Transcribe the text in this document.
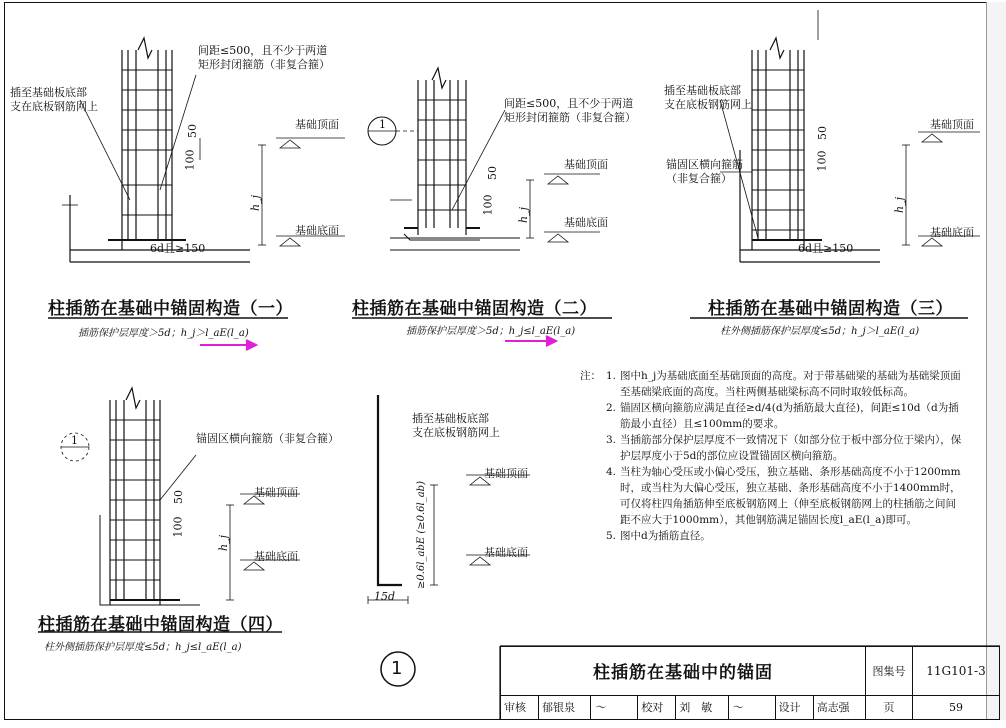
插至基础板底部
支在底板钢筋网上
间距≤500，且不少于两道
矩形封闭箍筋（非复合箍）
基础顶面
基础底面
50
100
h_j
6d且≥150
柱插筋在基础中锚固构造（一）
插筋保护层厚度＞5d；h_j＞l_aE(l_a)
1
间距≤500，且不少于两道
矩形封闭箍筋（非复合箍）
基础顶面
基础底面
50
100 h_j
柱插筋在基础中锚固构造（二）
插筋保护层厚度＞5d；h_j≤l_aE(l_a)
插至基础板底部
支在底板钢筋网上
锚固区横向箍筋
（非复合箍）
基础顶面
基础底面
50
100
h_j
6d且≥150
柱插筋在基础中锚固构造（三）
柱外侧插筋保护层厚度≤5d；h_j＞l_aE(l_a)
1	锚固区横向箍筋（非复合箍）
基础顶面
基础底面
50
100
h_j
柱插筋在基础中锚固构造（四）
柱外侧插筋保护层厚度≤5d；h_j≤l_aE(l_a)
插至基础板底部
支在底板钢筋网上
基础顶面
基础底面
≥0.6l_abE (≥0.6l_ab)
15d
注： 1. 图中h_j为基础底面至基础顶面的高度。对于带基础梁的基础为基础梁顶面至基础梁底面的高度。当柱两侧基础梁标高不同时取较低标高。
2. 锚固区横向箍筋应满足直径≥d/4(d为插筋最大直径)，间距≤10d（d为插筋最小直径）且≤100mm的要求。
3. 当插筋部分保护层厚度不一致情况下（如部分位于板中部分位于梁内），保护层厚度小于5d的部位应设置锚固区横向箍筋。
4. 当柱为轴心受压或小偏心受压，独立基础、条形基础高度不小于1200mm时，或当柱为大偏心受压，独立基础、条形基础高度不小于1400mm时，可仅将柱四角插筋伸至底板钢筋网上（伸至底板钢筋网上的柱插筋之间间距不应大于1000mm），其他钢筋满足锚固长度l_aE(l_a)即可。
5. 图中d为插筋直径。
1	柱插筋在基础中的锚固								图集号	11G101-3
审核	郁银泉	〜	校对	刘　敏	〜	设计	高志强	页	59
